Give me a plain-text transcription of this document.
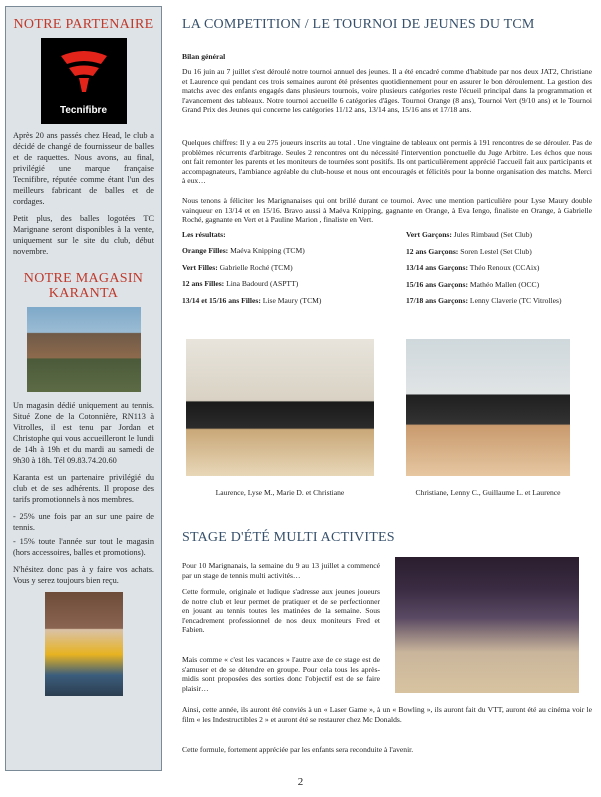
NOTRE PARTENAIRE
Tecnifibre

Après 20 ans passés chez Head, le club a décidé de changé de fournisseur de balles et de raquettes. Nous avons, au final, privilégié une marque française Tecnifibre, réputée comme étant l'un des meilleurs fabricant de balles et de cordages.

Petit plus, des balles logotées TC Marignane seront disponibles à la vente, uniquement sur le site du club, début novembre.

NOTRE MAGASIN KARANTA

Un magasin dédié uniquement au tennis. Situé Zone de la Cotonnière, RN113 à Vitrolles, il est tenu par Jordan et Christophe qui vous accueilleront le lundi de 14h à 19h et du mardi au samedi de 9h30 à 18h. Tél 09.83.74.20.60

Karanta est un partenaire privilégié du club et de ses adhérents. Il propose des tarifs promotionnels à nos membres.

- 25% une fois par an sur une paire de tennis.

- 15% toute l'année sur tout le magasin (hors accessoires, balles et promotions).

N'hésitez donc pas à y faire vos achats. Vous y serez toujours bien reçu.

LA COMPETITION / LE TOURNOI DE JEUNES DU TCM
Bilan général

Du 16 juin au 7 juillet s'est déroulé notre tournoi annuel des jeunes. Il a été encadré comme d'habitude par nos deux JAT2, Christiane et Laurence qui pendant ces trois semaines auront été présentes quotidiennement pour en assurer le bon déroulement. La gestion des matchs avec des enfants engagés dans plusieurs tournois, voire plusieurs catégories reste l'écueil principal dans la programmation et l'avancement des tableaux. Notre tournoi accueille 6 catégories d'âges. Tournoi Orange (8 ans), Tournoi Vert (9/10 ans) et le Tournoi Grand Prix des Jeunes qui concerne les catégories 11/12 ans, 13/14 ans, 15/16 ans et 17/18 ans.

Quelques chiffres: Il y a eu 275 joueurs inscrits au total . Une vingtaine de tableaux ont permis à 191 rencontres de se dérouler. Pas de problèmes récurrents d'arbitrage. Seules 2 rencontres ont du nécessité l'intervention ponctuelle du Juge Arbitre. Les échos que nous ont fait remonter les parents et les moniteurs de tournées sont positifs. Ils ont particulièrement apprécié l'accueil fait aux participants et accompagnateurs, l'ambiance agréable du club-house et nous ont encouragés et félicités pour la bonne organisation des matchs. Merci à eux…

Nous tenons à féliciter les Marignanaises qui ont brillé durant ce tournoi. Avec une mention particulière pour Lyse Maury double vainqueur en 13/14 et en 15/16. Bravo aussi à Maéva Knipping, gagnante en Orange, à Eva Iengo, finaliste en Orange, à Gabrielle Roché, gagnante en Vert et à Pauline Marion , finaliste en Vert.

Les résultats:
Orange Filles: Maéva Knipping (TCM)
Vert Filles: Gabrielle Roché (TCM)
12 ans Filles: Lina Badourd (ASPTT)
13/14 et 15/16 ans Filles: Lise Maury (TCM)
Vert Garçons: Jules Rimbaud (Set Club)
12 ans Garçons: Soren Lestel (Set Club)
13/14 ans Garçons: Théo Renoux (CCAix)
15/16 ans Garçons: Mathéo Mallen (OCC)
17/18 ans Garçons: Lenny Claverie (TC Vitrolles)
Laurence, Lyse M., Marie D. et Christiane	Christiane, Lenny C., Guillaume L. et Laurence
STAGE D'ÉTÉ MULTI ACTIVITES

Pour 10 Marignanais, la semaine du 9 au 13 juillet a commencé par un stage de tennis multi activités…

Cette formule, originale et ludique s'adresse aux jeunes joueurs de notre club et leur permet de pratiquer et de se perfectionner en jouant au tennis toutes les matinées de la semaine. Sous l'encadrement professionnel de nos deux moniteurs Fred et Fabien.

Mais comme « c'est les vacances » l'autre axe de ce stage est de s'amuser et de se détendre en groupe. Pour cela tous les après-midis sont proposées des sorties donc l'objectif est de se faire plaisir…

Ainsi, cette année, ils auront été conviés à un « Laser Game », à un « Bowling », ils auront fait du VTT, auront été au cinéma voir le film « les Indestructibles 2 » et auront été se restaurer chez Mc Donalds.

Cette formule, fortement appréciée par les enfants sera reconduite à l'avenir.

2
